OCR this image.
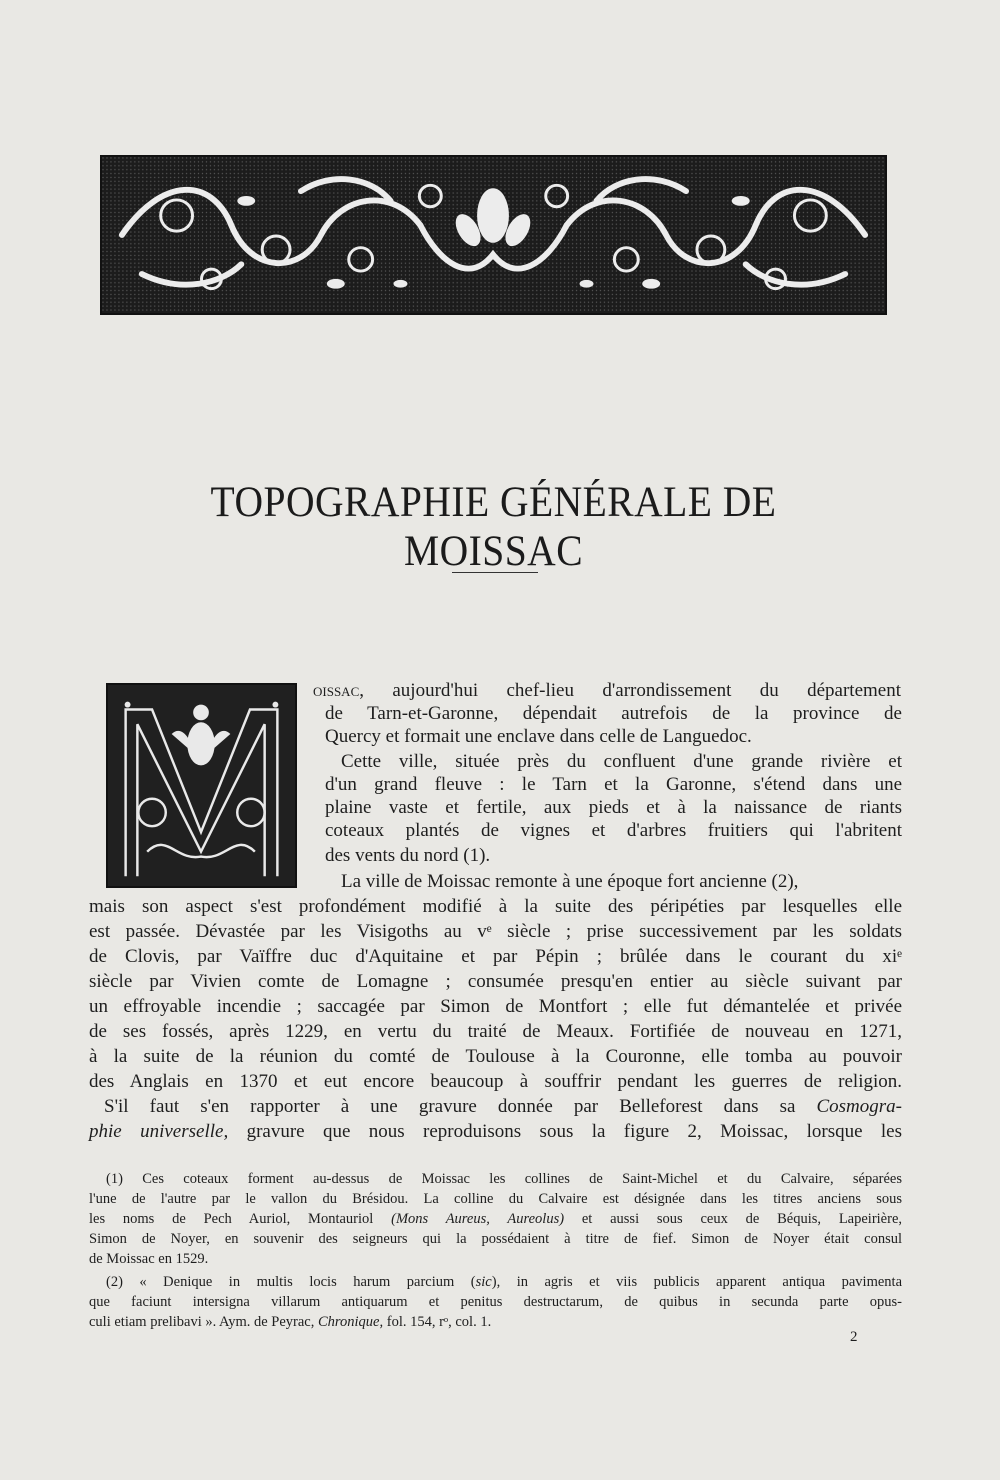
TOPOGRAPHIE GÉNÉRALE DE MOISSAC

oissac, aujourd'hui chef-lieu d'arrondissement du département

de Tarn-et-Garonne, dépendait autrefois de la province de

Quercy et formait une enclave dans celle de Languedoc.

Cette ville, située près du confluent d'une grande rivière et

d'un grand fleuve : le Tarn et la Garonne, s'étend dans une

plaine vaste et fertile, aux pieds et à la naissance de riants

coteaux plantés de vignes et d'arbres fruitiers qui l'abritent

des vents du nord (1).

La ville de Moissac remonte à une époque fort ancienne (2),

mais son aspect s'est profondément modifié à la suite des péripéties par lesquelles elle

est passée. Dévastée par les Visigoths au vᵉ siècle ; prise successivement par les soldats

de Clovis, par Vaïffre duc d'Aquitaine et par Pépin ; brûlée dans le courant du xiᵉ

siècle par Vivien comte de Lomagne ; consumée presqu'en entier au siècle suivant par

un effroyable incendie ; saccagée par Simon de Montfort ; elle fut démantelée et privée

de ses fossés, après 1229, en vertu du traité de Meaux. Fortifiée de nouveau en 1271,

à la suite de la réunion du comté de Toulouse à la Couronne, elle tomba au pouvoir

des Anglais en 1370 et eut encore beaucoup à souffrir pendant les guerres de religion.

S'il faut s'en rapporter à une gravure donnée par Belleforest dans sa Cosmogra-

phie universelle, gravure que nous reproduisons sous la figure 2, Moissac, lorsque les

(1) Ces coteaux forment au-dessus de Moissac les collines de Saint-Michel et du Calvaire, séparées

l'une de l'autre par le vallon du Brésidou. La colline du Calvaire est désignée dans les titres anciens sous

les noms de Pech Auriol, Montauriol (Mons Aureus, Aureolus) et aussi sous ceux de Béquis, Lapeirière,

Simon de Noyer, en souvenir des seigneurs qui la possédaient à titre de fief. Simon de Noyer était consul

de Moissac en 1529.

(2) « Denique in multis locis harum parcium (sic), in agris et viis publicis apparent antiqua pavimenta

que faciunt intersigna villarum antiquarum et penitus destructarum, de quibus in secunda parte opus-

culi etiam prelibavi ». Aym. de Peyrac, Chronique, fol. 154, rᵒ, col. 1.

2
